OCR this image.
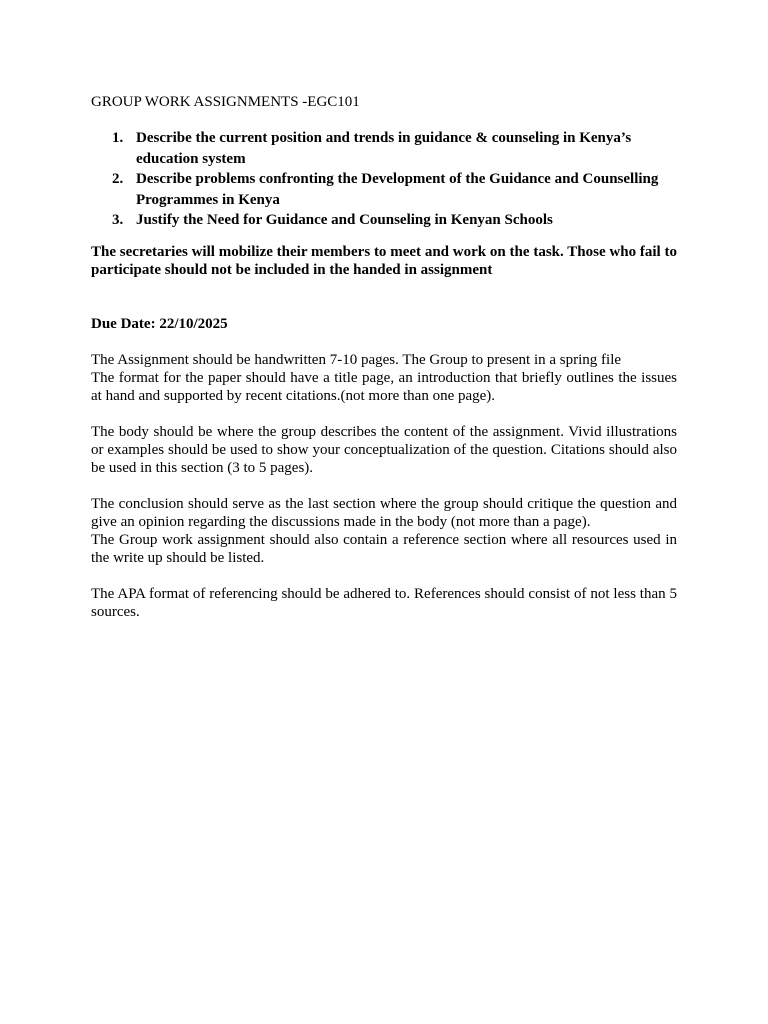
GROUP WORK ASSIGNMENTS -EGC101
1. Describe the current position and trends in guidance & counseling in Kenya’s education system
2. Describe problems confronting the Development of the Guidance and Counselling Programmes in Kenya
3. Justify the Need for Guidance and Counseling in Kenyan Schools
The secretaries will mobilize their members to meet and work on the task. Those who fail to participate should not be included in the handed in assignment
Due Date: 22/10/2025

The Assignment should be handwritten 7-10 pages. The Group to present in a spring file

The format for the paper should have a title page, an introduction that briefly outlines the issues at hand and supported by recent citations.(not more than one page).

The body should be where the group describes the content of the assignment. Vivid illustrations or examples should be used to show your conceptualization of the question. Citations should also be used in this section (3 to 5 pages).

The conclusion should serve as the last section where the group should critique the question and give an opinion regarding the discussions made in the body (not more than a page).

The Group work assignment should also contain a reference section where all resources used in the write up should be listed.

The APA format of referencing should be adhered to. References should consist of not less than 5 sources.
